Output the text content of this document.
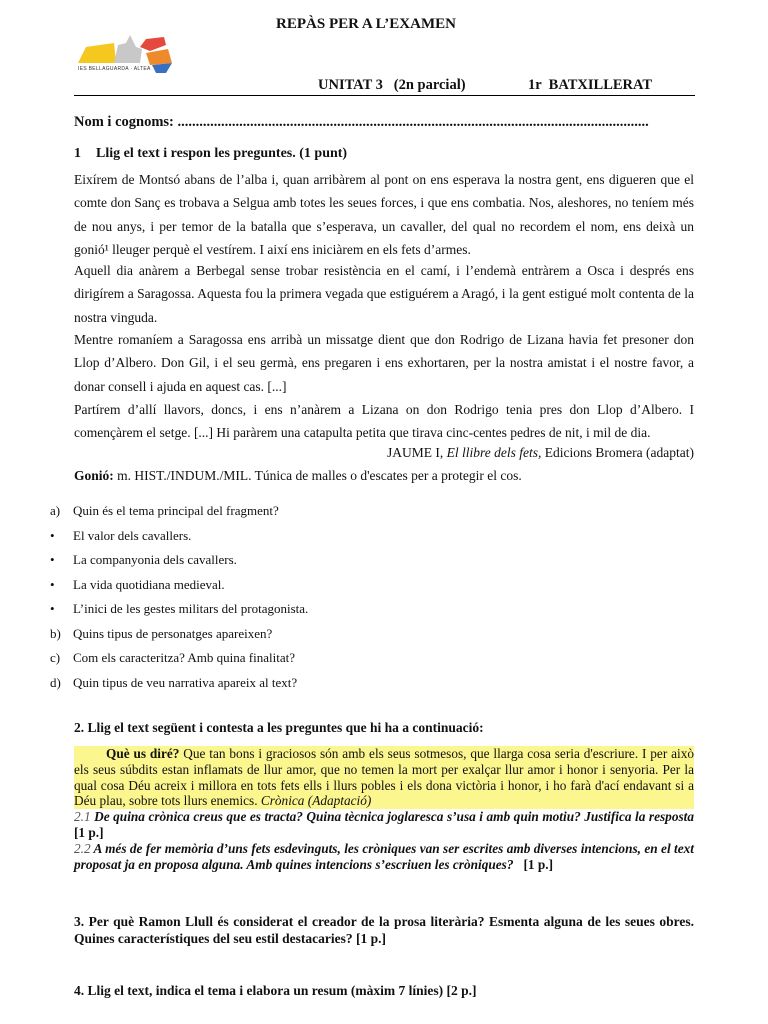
REPÀS PER A L’EXAMEN
IES BELLAGUARDA · ALTEA
UNITAT 3   (2n parcial)	1r  BATXILLERAT
Nom i cognoms: ..................................................................................................................................
1 Llig el text i respon les preguntes. (1 punt)

Eixírem de Montsó abans de l’alba i, quan arribàrem al pont on ens esperava la nostra gent, ens digueren que el comte don Sanç es trobava a Selgua amb totes les seues forces, i que ens combatia. Nos, aleshores, no teníem més de nou anys, i per temor de la batalla que s’esperava, un cavaller, del qual no recordem el nom, ens deixà un gonió¹ lleuger perquè el vestírem. I així ens iniciàrem en els fets d’armes.

Aquell dia anàrem a Berbegal sense trobar resistència en el camí, i l’endemà entràrem a Osca i després ens dirigírem a Saragossa. Aquesta fou la primera vegada que estiguérem a Aragó, i la gent estigué molt contenta de la nostra vinguda.

Mentre romaníem a Saragossa ens arribà un missatge dient que don Rodrigo de Lizana havia fet presoner don Llop d’Albero. Don Gil, i el seu germà, ens pregaren i ens exhortaren, per la nostra amistat i el nostre favor, a donar consell i ajuda en aquest cas. [...]

Partírem d’allí llavors, doncs, i ens n’anàrem a Lizana on don Rodrigo tenia pres don Llop d’Albero. I començàrem el setge. [...] Hi paràrem una catapulta petita que tirava cinc-centes pedres de nit, i mil de dia.

JAUME I, El llibre dels fets, Edicions Bromera (adaptat)
Gonió: m. HIST./INDUM./MIL. Túnica de malles o d'escates per a protegir el cos.
a) Quin és el tema principal del fragment?
• El valor dels cavallers.
• La companyonia dels cavallers.
• La vida quotidiana medieval.
• L’inici de les gestes militars del protagonista.
b) Quins tipus de personatges apareixen?
c) Com els caracteritza? Amb quina finalitat?
d) Quin tipus de veu narrativa apareix al text?
2. Llig el text següent i contesta a les preguntes que hi ha a continuació:
Què us diré? Que tan bons i graciosos són amb els seus sotmesos, que llarga cosa seria d'escriure. I per això els seus súbdits estan inflamats de llur amor, que no temen la mort per exalçar llur amor i honor i senyoria. Per la qual cosa Déu acreix i millora en tots fets ells i llurs pobles i els dona victòria i honor, i ho farà d'ací endavant si a Déu plau, sobre tots llurs enemics. Crònica (Adaptació)
2.1 De quina crònica creus que es tracta? Quina tècnica joglaresca s’usa i amb quin motiu? Justifica la resposta [1 p.]
2.2 A més de fer memòria d’uns fets esdevinguts, les cròniques van ser escrites amb diverses intencions, en el text proposat ja en proposa alguna. Amb quines intencions s’escriuen les cròniques?   [1 p.]
3. Per què Ramon Llull és considerat el creador de la prosa literària? Esmenta alguna de les seues obres. Quines característiques del seu estil destacaries? [1 p.]
4. Llig el text, indica el tema i elabora un resum (màxim 7 línies) [2 p.]
